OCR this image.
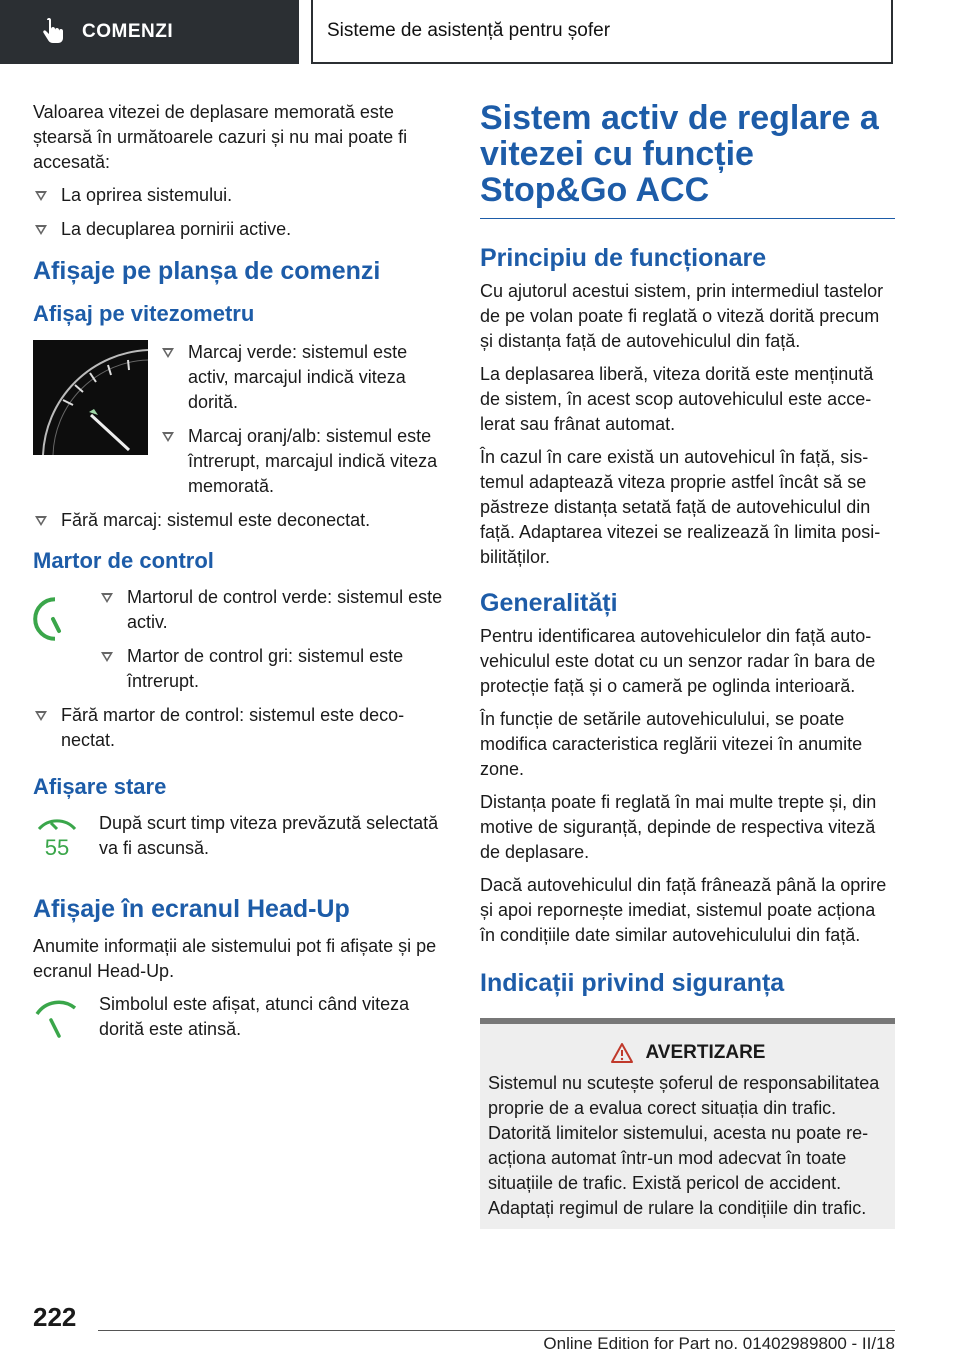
COMENZI	Sisteme de asistență pentru șofer

Valoarea vitezei de deplasare memorată este ștearsă în următoarele cazuri și nu mai poate fi accesată:

La oprirea sistemului.
La decuplarea pornirii active.
Afișaje pe planșa de comenzi
Afișaj pe vitezometru
Marcaj verde: sistemul este activ, marcajul indică viteza dorită.
Marcaj oranj/alb: sistemul este întrerupt, marcajul indică viteza memorată.
Fără marcaj: sistemul este deconectat.
Martor de control
Martorul de control verde: sistemul este activ.
Martor de control gri: sistemul este întrerupt.
Fără martor de control: sistemul este deconectat.
Afișare stare
55
După scurt timp viteza prevăzută selectată va fi ascunsă.
Afișaje în ecranul Head-Up

Anumite informații ale sistemului pot fi afișate și pe ecranul Head-Up.

Simbolul este afișat, atunci când viteza dorită este atinsă.
Sistem activ de reglare a vitezei cu funcție Stop&Go ACC
Principiu de funcționare

Cu ajutorul acestui sistem, prin intermediul tastelor de pe volan poate fi reglată o viteză dorită precum și distanța față de autovehiculul din față.

La deplasarea liberă, viteza dorită este menținută de sistem, în acest scop autovehiculul este accelerat sau frânat automat.

În cazul în care există un autovehicul în față, sistemul adaptează viteza proprie astfel încât să se păstreze distanța setată față de autovehiculul din față. Adaptarea vitezei se realizează în limita posibilităților.

Generalități

Pentru identificarea autovehiculelor din față autovehiculul este dotat cu un senzor radar în bara de protecție față și o cameră pe oglinda interioară.

În funcție de setările autovehiculului, se poate modifica caracteristica reglării vitezei în anumite zone.

Distanța poate fi reglată în mai multe trepte și, din motive de siguranță, depinde de respectiva viteză de deplasare.

Dacă autovehiculul din față frânează până la oprire și apoi repornește imediat, sistemul poate acționa în condițiile date similar autovehiculului din față.

Indicații privind siguranța
AVERTIZARE
Sistemul nu scutește șoferul de responsabilitatea proprie de a evalua corect situația din trafic. Datorită limitelor sistemului, acesta nu poate reacționa automat într-un mod adecvat în toate situațiile de trafic. Există pericol de accident. Adaptați regimul de rulare la condițiile din trafic.
222
Online Edition for Part no. 01402989800 - II/18
